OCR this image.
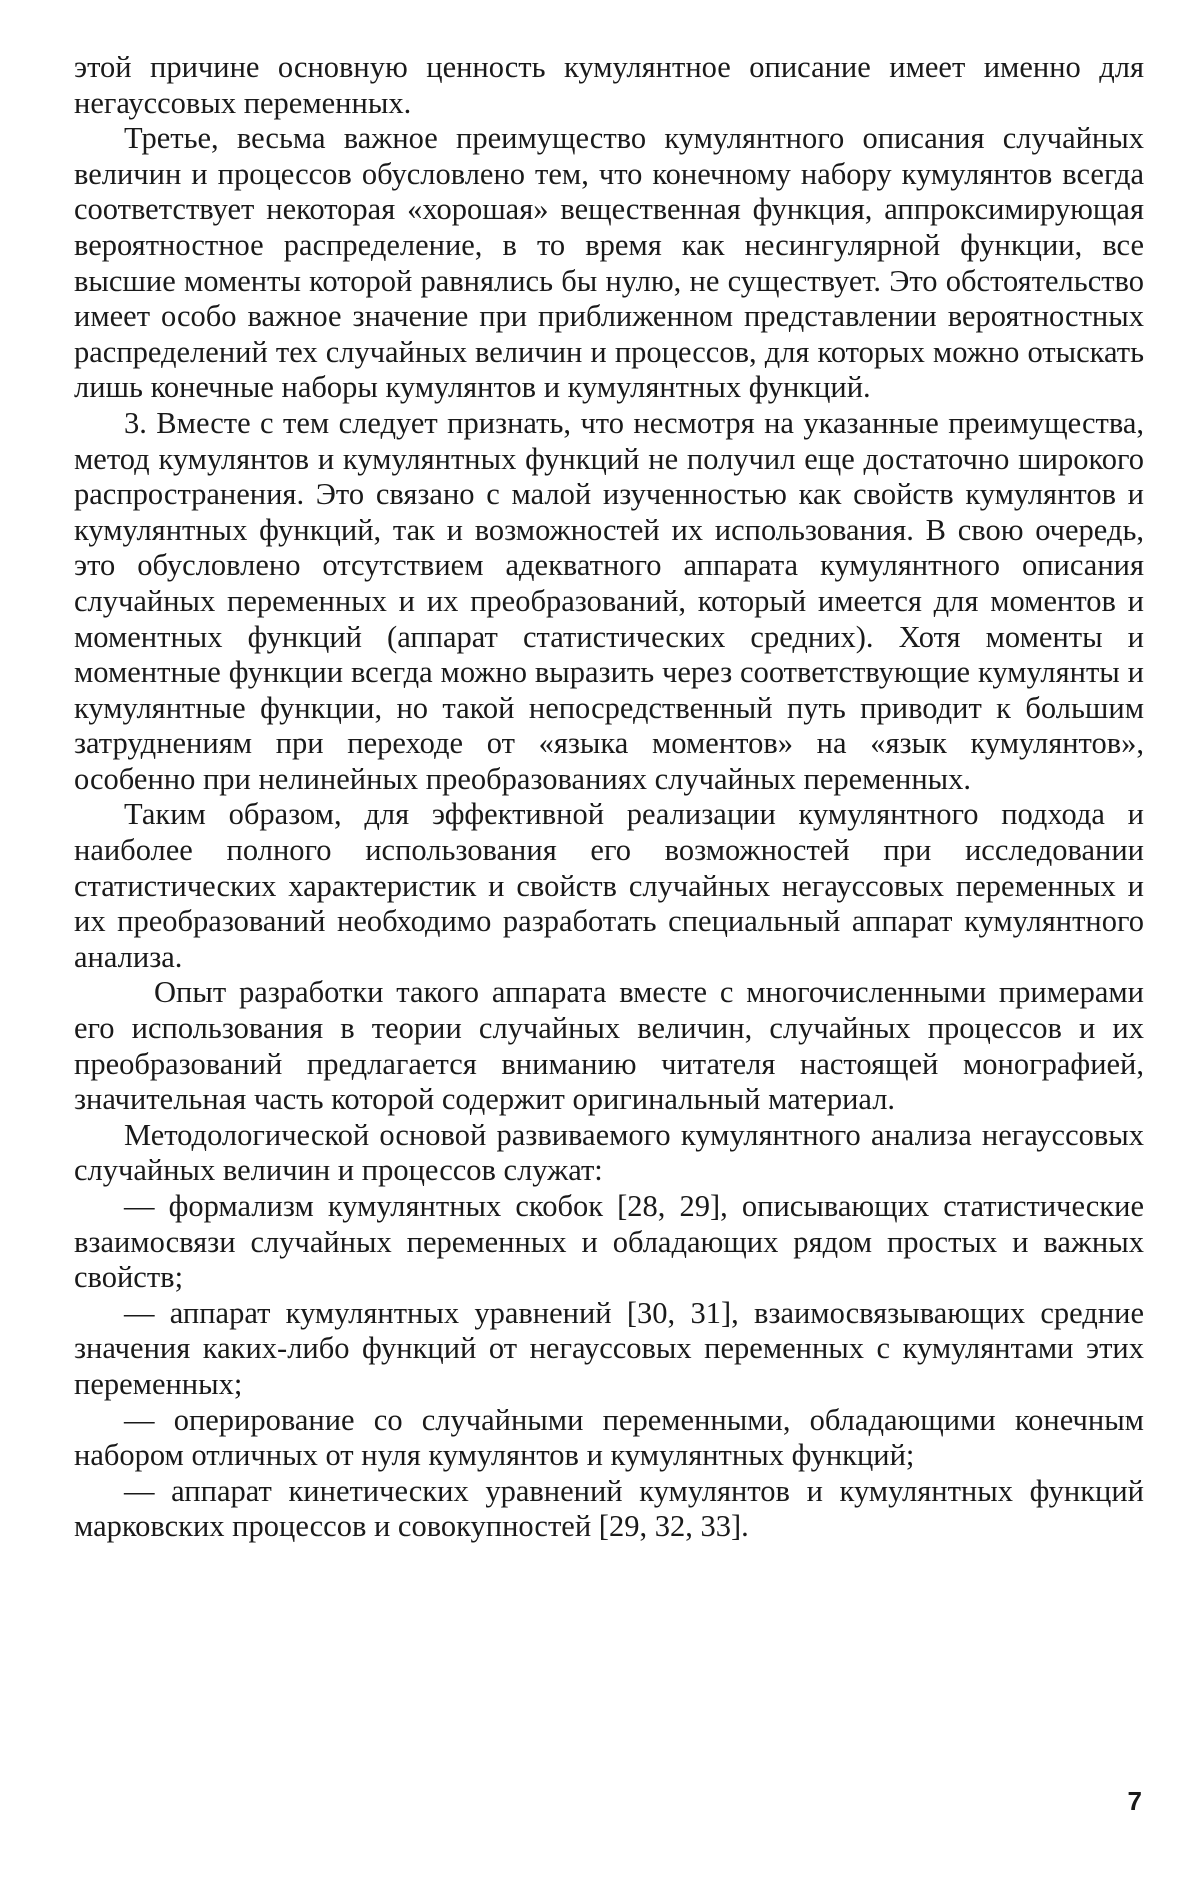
этой причине основную ценность кумулянтное описание имеет именно для негауссовых переменных.

Третье, весьма важное преимущество кумулянтного описания случайных величин и процессов обусловлено тем, что конечному набору кумулянтов всегда соответствует некоторая «хорошая» вещественная функция, аппроксимирующая вероятностное распределение, в то время как несингулярной функции, все высшие моменты которой равнялись бы нулю, не существует. Это обстоятельство имеет особо важное значение при приближенном представлении вероятностных распределений тех случайных величин и процессов, для которых можно отыскать лишь конечные наборы кумулянтов и кумулянтных функций.

3. Вместе с тем следует признать, что несмотря на указанные преимущества, метод кумулянтов и кумулянтных функций не получил еще достаточно широкого распространения. Это связано с малой изученностью как свойств кумулянтов и кумулянтных функций, так и возможностей их использования. В свою очередь, это обусловлено отсутствием адекватного аппарата кумулянтного описания случайных переменных и их преобразований, который имеется для моментов и моментных функций (аппарат статистических средних). Хотя моменты и моментные функции всегда можно выразить через соответствующие кумулянты и кумулянтные функции, но такой непосредственный путь приводит к большим затруднениям при переходе от «языка моментов» на «язык кумулянтов», особенно при нелинейных преобразованиях случайных переменных.

Таким образом, для эффективной реализации кумулянтного подхода и наиболее полного использования его возможностей при исследовании статистических характеристик и свойств случайных негауссовых переменных и их преобразований необходимо разработать специальный аппарат кумулянтного анализа.

Опыт разработки такого аппарата вместе с многочисленными примерами его использования в теории случайных величин, случайных процессов и их преобразований предлагается вниманию читателя настоящей монографией, значительная часть которой содержит оригинальный материал.

Методологической основой развиваемого кумулянтного анализа негауссовых случайных величин и процессов служат:

— формализм кумулянтных скобок [28, 29], описывающих статистические взаимосвязи случайных переменных и обладающих рядом простых и важных свойств;

— аппарат кумулянтных уравнений [30, 31], взаимосвязывающих средние значения каких-либо функций от негауссовых переменных с кумулянтами этих переменных;

— оперирование со случайными переменными, обладающими конечным набором отличных от нуля кумулянтов и кумулянтных функций;

— аппарат кинетических уравнений кумулянтов и кумулянтных функций марковских процессов и совокупностей [29, 32, 33].

7
